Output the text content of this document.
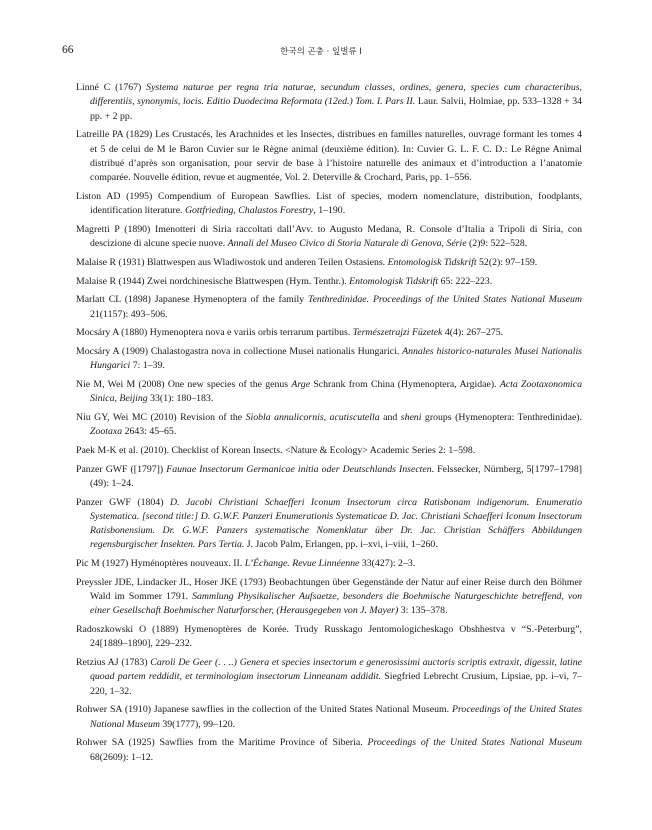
66	한국의 곤충 · 잎벌류 I
Linné C (1767) Systema naturae per regna tria naturae, secundum classes, ordines, genera, species cum characteribus, differentiis, synonymis, locis. Editio Duodecima Reformata (12ed.) Tom. I. Pars II. Laur. Salvii, Holmiae, pp. 533–1328 + 34 pp. + 2 pp.
Latreille PA (1829) Les Crustacés, les Arachnides et les Insectes, distribues en familles naturelles, ouvrage formant les tomes 4 et 5 de celui de M le Baron Cuvier sur le Règne animal (deuxième édition). In: Cuvier G. L. F. C. D.: Le Règne Animal distribué d’après son organisation, pour servir de base à l’histoire naturelle des animaux et d’introduction a l’anatomie comparée. Nouvelle édition, revue et augmentée, Vol. 2. Deterville & Crochard, Paris, pp. 1–556.
Liston AD (1995) Compendium of European Sawflies. List of species, modern nomenclature, distribution, foodplants, identification literature. Gottfrieding, Chalastos Forestry, 1–190.
Magretti P (1890) Imenotteri di Siria raccoltati dall’Avv. to Augusto Medana, R. Console d’Italia a Tripoli di Siria, con descizione di alcune specie nuove. Annali del Museo Civico di Storia Naturale di Genova, Série (2)9: 522–528.
Malaise R (1931) Blattwespen aus Wladiwostok und anderen Teilen Ostasiens. Entomologisk Tidskrift 52(2): 97–159.
Malaise R (1944) Zwei nordchinesische Blattwespen (Hym. Tenthr.). Entomologisk Tidskrift 65: 222–223.
Marlatt CL (1898) Japanese Hymenoptera of the family Tenthredinidae. Proceedings of the United States National Museum 21(1157): 493–506.
Mocsáry A (1880) Hymenoptera nova e variis orbis terrarum partibus. Természetrajzi Füzetek 4(4): 267–275.
Mocsáry A (1909) Chalastogastra nova in collectione Musei nationalis Hungarici. Annales historico-naturales Musei Nationalis Hungarici 7: 1–39.
Nie M, Wei M (2008) One new species of the genus Arge Schrank from China (Hymenoptera, Argidae). Acta Zootaxonomica Sinica, Beijing 33(1): 180–183.
Niu GY, Wei MC (2010) Revision of the Siobla annulicornis, acutiscutella and sheni groups (Hymenoptera: Tenthredinidae). Zootaxa 2643: 45–65.
Paek M-K et al. (2010). Checklist of Korean Insects. <Nature & Ecology> Academic Series 2: 1–598.
Panzer GWF ([1797]) Faunae Insectorum Germanicae initia oder Deutschlands Insecten. Felssecker, Nürnberg, 5[1797–1798](49): 1–24.
Panzer GWF (1804) D. Jacobi Christiani Schaefferi Iconum Insectorum circa Ratisbonam indigenorum. Enumeratio Systematica. [second title:] D. G.W.F. Panzeri Enumerationis Systematicae D. Jac. Christiani Schaefferi Iconum Insectorum Ratisbonensium. Dr. G.W.F. Panzers systematische Nomenklatur über Dr. Jac. Christian Schäffers Abbildungen regensburgischer Insekten. Pars Tertia. J. Jacob Palm, Erlangen, pp. i–xvi, i–viii, 1–260.
Pic M (1927) Hyménoptères nouveaux. II. L’Échange. Revue Linnéenne 33(427): 2–3.
Preyssler JDE, Lindacker JL, Hoser JKE (1793) Beobachtungen über Gegenstände der Natur auf einer Reise durch den Böhmer Wald im Sommer 1791. Sammlung Physikalischer Aufsaetze, besonders die Boehmische Naturgeschichte betreffend, von einer Gesellschaft Boehmischer Naturforscher, (Herausgegeben von J. Mayer) 3: 135–378.
Radoszkowski O (1889) Hymenoptères de Korée. Trudy Russkago Jentomologicheskago Obshhestva v “S.-Peterburg”, 24[1889–1890], 229–232.
Retzius AJ (1783) Caroli De Geer (. . ..) Genera et species insectorum e generosissimi auctoris scriptis extraxit, digessit, latine quoad partem reddidit, et terminologiam insectorum Linneanam addidit. Siegfried Lebrecht Crusium, Lipsiae, pp. i–vi, 7–220, 1–32.
Rohwer SA (1910) Japanese sawflies in the collection of the United States National Museum. Proceedings of the United States National Museum 39(1777), 99–120.
Rohwer SA (1925) Sawflies from the Maritime Province of Siberia. Proceedings of the United States National Museum 68(2609): 1–12.
